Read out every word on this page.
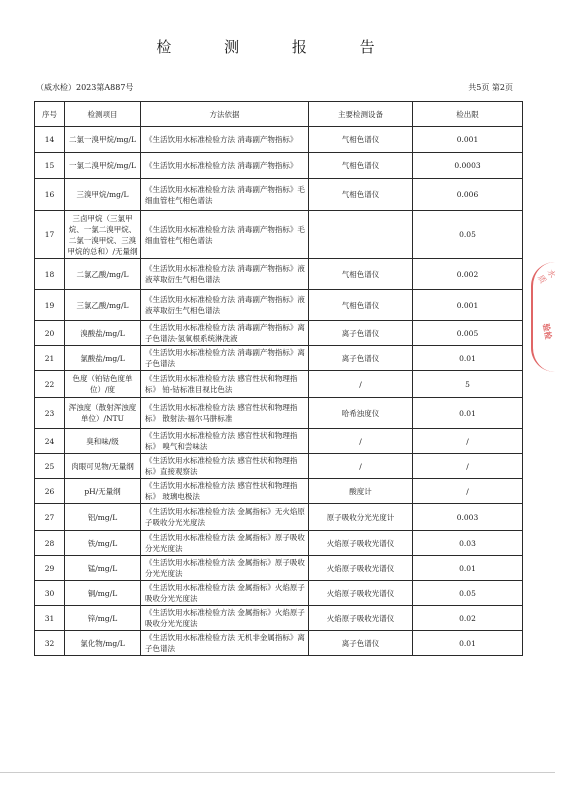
检 测 报 告
（威水检）2023第A887号	共5页 第2页
序号	检测项目	方法依据	主要检测设备	检出限
14	二氯一溴甲烷/mg/L	《生活饮用水标准检验方法 消毒副产物指标》	气相色谱仪	0.001
15	一氯二溴甲烷/mg/L	《生活饮用水标准检验方法 消毒副产物指标》	气相色谱仪	0.0003
16	三溴甲烷/mg/L	《生活饮用水标准检验方法 消毒副产物指标》毛细血管柱气相色谱法	气相色谱仪	0.006
17	三卤甲烷（三氯甲烷、一氯二溴甲烷、二氯一溴甲烷、三溴甲烷的总和）/无量纲	《生活饮用水标准检验方法 消毒副产物指标》毛细血管柱气相色谱法		0.05
18	二氯乙酸/mg/L	《生活饮用水标准检验方法 消毒副产物指标》液液萃取衍生气相色谱法	气相色谱仪	0.002
19	三氯乙酸/mg/L	《生活饮用水标准检验方法 消毒副产物指标》液液萃取衍生气相色谱法	气相色谱仪	0.001
20	溴酸盐/mg/L	《生活饮用水标准检验方法 消毒副产物指标》离子色谱法-氢氧根系统淋洗液	离子色谱仪	0.005
21	氯酸盐/mg/L	《生活饮用水标准检验方法 消毒副产物指标》离子色谱法	离子色谱仪	0.01
22	色度（铂钴色度单位）/度	《生活饮用水标准检验方法 感官性状和物理指标》 铂-钴标准目视比色法	/	5
23	浑浊度（散射浑浊度单位）/NTU	《生活饮用水标准检验方法 感官性状和物理指标》 散射法-福尔马肼标准	哈希浊度仪	0.01
24	臭和味/级	《生活饮用水标准检验方法 感官性状和物理指标》 嗅气和尝味法	/	/
25	肉眼可见物/无量纲	《生活饮用水标准检验方法 感官性状和物理指标》直接观察法	/	/
26	pH/无量纲	《生活饮用水标准检验方法 感官性状和物理指标》 玻璃电极法	酸度计	/
27	铝/mg/L	《生活饮用水标准检验方法 金属指标》无火焰原子吸收分光光度法	原子吸收分光光度计	0.003
28	铁/mg/L	《生活饮用水标准检验方法 金属指标》原子吸收分光光度法	火焰原子吸收光谱仪	0.03
29	锰/mg/L	《生活饮用水标准检验方法 金属指标》原子吸收分光光度法	火焰原子吸收光谱仪	0.01
30	铜/mg/L	《生活饮用水标准检验方法 金属指标》火焰原子吸收分光光度法	火焰原子吸收光谱仪	0.05
31	锌/mg/L	《生活饮用水标准检验方法 金属指标》火焰原子吸收分光光度法	火焰原子吸收光谱仪	0.02
32	氯化物/mg/L	《生活饮用水标准检验方法 无机非金属指标》离子色谱法	离子色谱仪	0.01
水质
验检
